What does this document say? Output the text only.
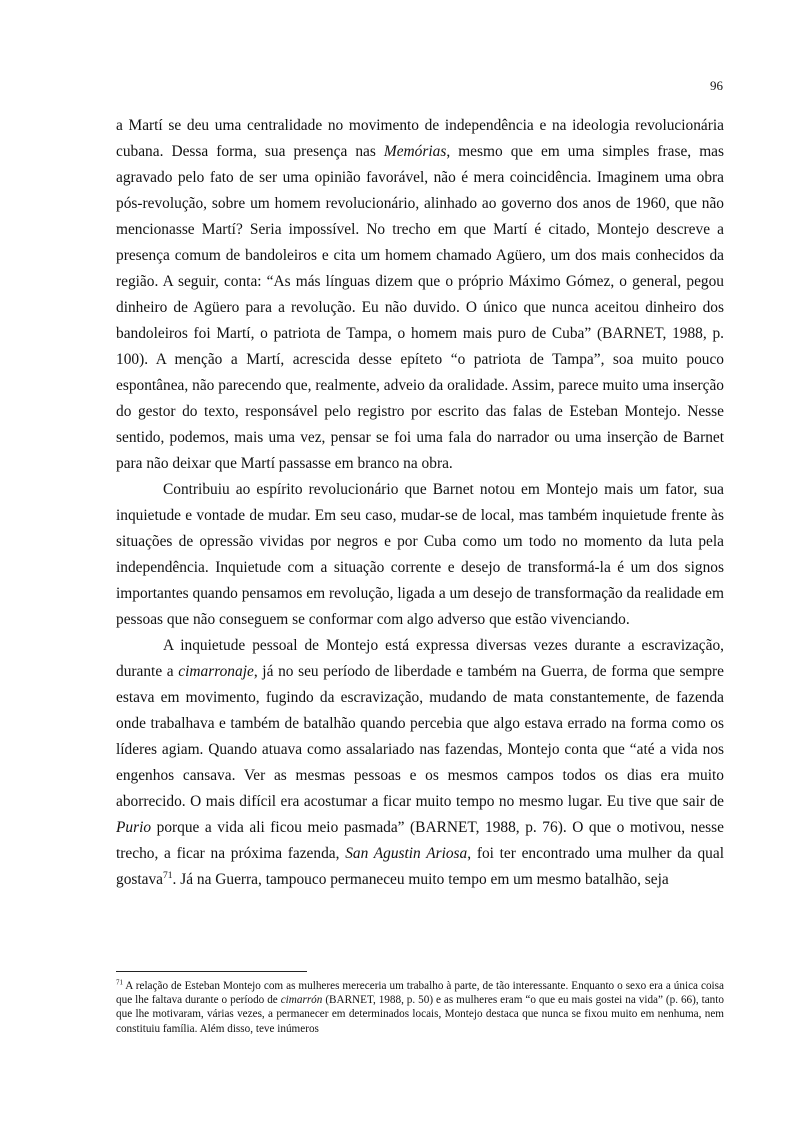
96

a Martí se deu uma centralidade no movimento de independência e na ideologia revolucionária cubana. Dessa forma, sua presença nas Memórias, mesmo que em uma simples frase, mas agravado pelo fato de ser uma opinião favorável, não é mera coincidência. Imaginem uma obra pós-revolução, sobre um homem revolucionário, alinhado ao governo dos anos de 1960, que não mencionasse Martí? Seria impossível. No trecho em que Martí é citado, Montejo descreve a presença comum de bandoleiros e cita um homem chamado Agüero, um dos mais conhecidos da região. A seguir, conta: “As más línguas dizem que o próprio Máximo Gómez, o general, pegou dinheiro de Agüero para a revolução. Eu não duvido. O único que nunca aceitou dinheiro dos bandoleiros foi Martí, o patriota de Tampa, o homem mais puro de Cuba” (BARNET, 1988, p. 100). A menção a Martí, acrescida desse epíteto “o patriota de Tampa”, soa muito pouco espontânea, não parecendo que, realmente, adveio da oralidade. Assim, parece muito uma inserção do gestor do texto, responsável pelo registro por escrito das falas de Esteban Montejo. Nesse sentido, podemos, mais uma vez, pensar se foi uma fala do narrador ou uma inserção de Barnet para não deixar que Martí passasse em branco na obra.

Contribuiu ao espírito revolucionário que Barnet notou em Montejo mais um fator, sua inquietude e vontade de mudar. Em seu caso, mudar-se de local, mas também inquietude frente às situações de opressão vividas por negros e por Cuba como um todo no momento da luta pela independência. Inquietude com a situação corrente e desejo de transformá-la é um dos signos importantes quando pensamos em revolução, ligada a um desejo de transformação da realidade em pessoas que não conseguem se conformar com algo adverso que estão vivenciando.

A inquietude pessoal de Montejo está expressa diversas vezes durante a escravização, durante a cimarronaje, já no seu período de liberdade e também na Guerra, de forma que sempre estava em movimento, fugindo da escravização, mudando de mata constantemente, de fazenda onde trabalhava e também de batalhão quando percebia que algo estava errado na forma como os líderes agiam. Quando atuava como assalariado nas fazendas, Montejo conta que “até a vida nos engenhos cansava. Ver as mesmas pessoas e os mesmos campos todos os dias era muito aborrecido. O mais difícil era acostumar a ficar muito tempo no mesmo lugar. Eu tive que sair de Purio porque a vida ali ficou meio pasmada” (BARNET, 1988, p. 76). O que o motivou, nesse trecho, a ficar na próxima fazenda, San Agustin Ariosa, foi ter encontrado uma mulher da qual gostava$^{71}$. Já na Guerra, tampouco permaneceu muito tempo em um mesmo batalhão, seja

$^{71}$ A relação de Esteban Montejo com as mulheres mereceria um trabalho à parte, de tão interessante. Enquanto o sexo era a única coisa que lhe faltava durante o período de cimarrón (BARNET, 1988, p. 50) e as mulheres eram “o que eu mais gostei na vida” (p. 66), tanto que lhe motivaram, várias vezes, a permanecer em determinados locais, Montejo destaca que nunca se fixou muito em nenhuma, nem constituiu família. Além disso, teve inúmeros
